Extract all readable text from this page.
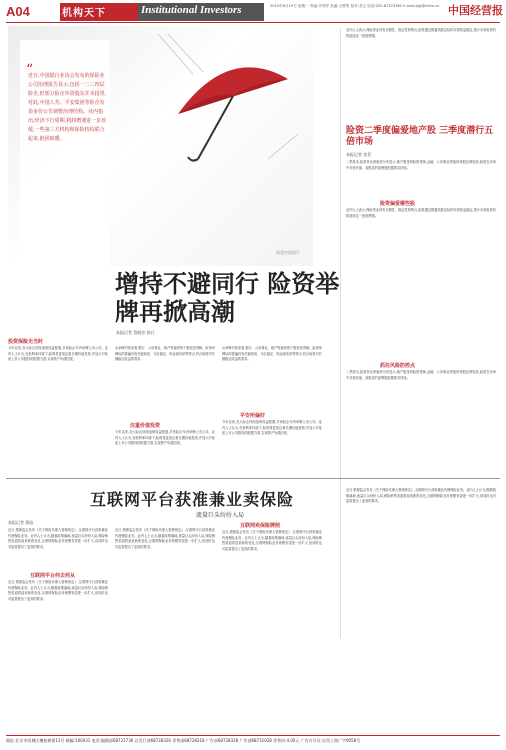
A04	机构天下	Institutional Investors	2019年8月19日 星期一 责编:齐郑军 美编:王俊男 校对:龙云 电话:020-87373362 E-mail:jrjg@nfcm.cn 中国经营报
视觉中国图片
“
近日,中国银行业协会发布的保险业公司治理报告显示,包括一二三四层险企,但部分险企外资股东并未投票,对此,中国人寿、平安集团等险企发表多份公告调整治理结构。业内指出,经济下行周期,利润增速进一步放缓,一些第三方机构和保险机构联合起来,抱团取暖。
增持不避同行 险资举牌再掀高潮
本报记者 蔡晓芳 郭兵
投资保险无当时
今年以来,各大险企持续加码权益配置,多家险企年内举牌上市公司。业内人士认为,在低利率环境下,险资将更加注重长期价值投资,并加大对优质上市公司股权的配置力度,实现资产负债匹配。
从举牌对象来看,银行、公用事业、地产等板块的个股较受青睐。险资举牌标的普遍具有估值较低、分红稳定、现金流充沛等特点,符合险资对长期稳定收益的需求。
注重价值投资
今年以来,各大险企持续加码权益配置,多家险企年内举牌上市公司。业内人士认为,在低利率环境下,险资将更加注重长期价值投资,并加大对优质上市公司股权的配置力度,实现资产负债匹配。
从举牌对象来看,银行、公用事业、地产等板块的个股较受青睐。险资举牌标的普遍具有估值较低、分红稳定、现金流充沛等特点,符合险资对长期稳定收益的需求。
平安所偏好
今年以来,各大险企持续加码权益配置,多家险企年内举牌上市公司。业内人士认为,在低利率环境下,险资将更加注重长期价值投资,并加大对优质上市公司股权的配置力度,实现资产负债匹配。
业内人士表示,保险资金具有长期性、稳定性的特点,险资通过配置高股息标的实现收益稳定,预计未来险资仍将延续这一投资逻辑。
险资二季度偏爱地产股 三季度潜行五倍市场
本报记者 张菲
二季度末,险资持仓的板块分布显示,地产股受到险资青睐,金融、公用事业等板块持股比例较高,险资在市场中对低估值、高股息的蓝筹股配置需求持续。
险资偏爱哪些股
业内人士表示,保险资金具有长期性、稳定性的特点,险资通过配置高股息标的实现收益稳定,预计未来险资仍将延续这一投资逻辑。
抓住风险防控点
二季度末,险资持仓的板块分布显示,地产股受到险资青睐,金融、公用事业等板块持股比例较高,险资在市场中对低估值、高股息的蓝筹股配置需求持续。
互联网平台获准兼业卖保险
流量巨头纷纷入局
本报记者 蒲寂
近日,银保监会发布《关于保险代理人管理规定》,互联网平台获准兼业代理保险业务。业内人士认为,随着政策落地,流量巨头纷纷入局,保险销售渠道将迎来新的变化,互联网保险业务规模有望进一步扩大,但同时也对监管提出了更高的要求。
互联网平台何去何从
近日,银保监会发布《关于保险代理人管理规定》,互联网平台获准兼业代理保险业务。业内人士认为,随着政策落地,流量巨头纷纷入局,保险销售渠道将迎来新的变化,互联网保险业务规模有望进一步扩大,但同时也对监管提出了更高的要求。
近日,银保监会发布《关于保险代理人管理规定》,互联网平台获准兼业代理保险业务。业内人士认为,随着政策落地,流量巨头纷纷入局,保险销售渠道将迎来新的变化,互联网保险业务规模有望进一步扩大,但同时也对监管提出了更高的要求。
互联网卖保险牌照
近日,银保监会发布《关于保险代理人管理规定》,互联网平台获准兼业代理保险业务。业内人士认为,随着政策落地,流量巨头纷纷入局,保险销售渠道将迎来新的变化,互联网保险业务规模有望进一步扩大,但同时也对监管提出了更高的要求。
近日,银保监会发布《关于保险代理人管理规定》,互联网平台获准兼业代理保险业务。业内人士认为,随着政策落地,流量巨头纷纷入局,保险销售渠道将迎来新的变化,互联网保险业务规模有望进一步扩大,但同时也对监管提出了更高的要求。
地址:北京市西城区槐柏树街11号 邮编:100031 电话:编辑部68721736 总发行部68728326 零售部68728318 广告部68728328 广告部68731028 零售价:4.00元 广告许可证:京西工商广字0058号
